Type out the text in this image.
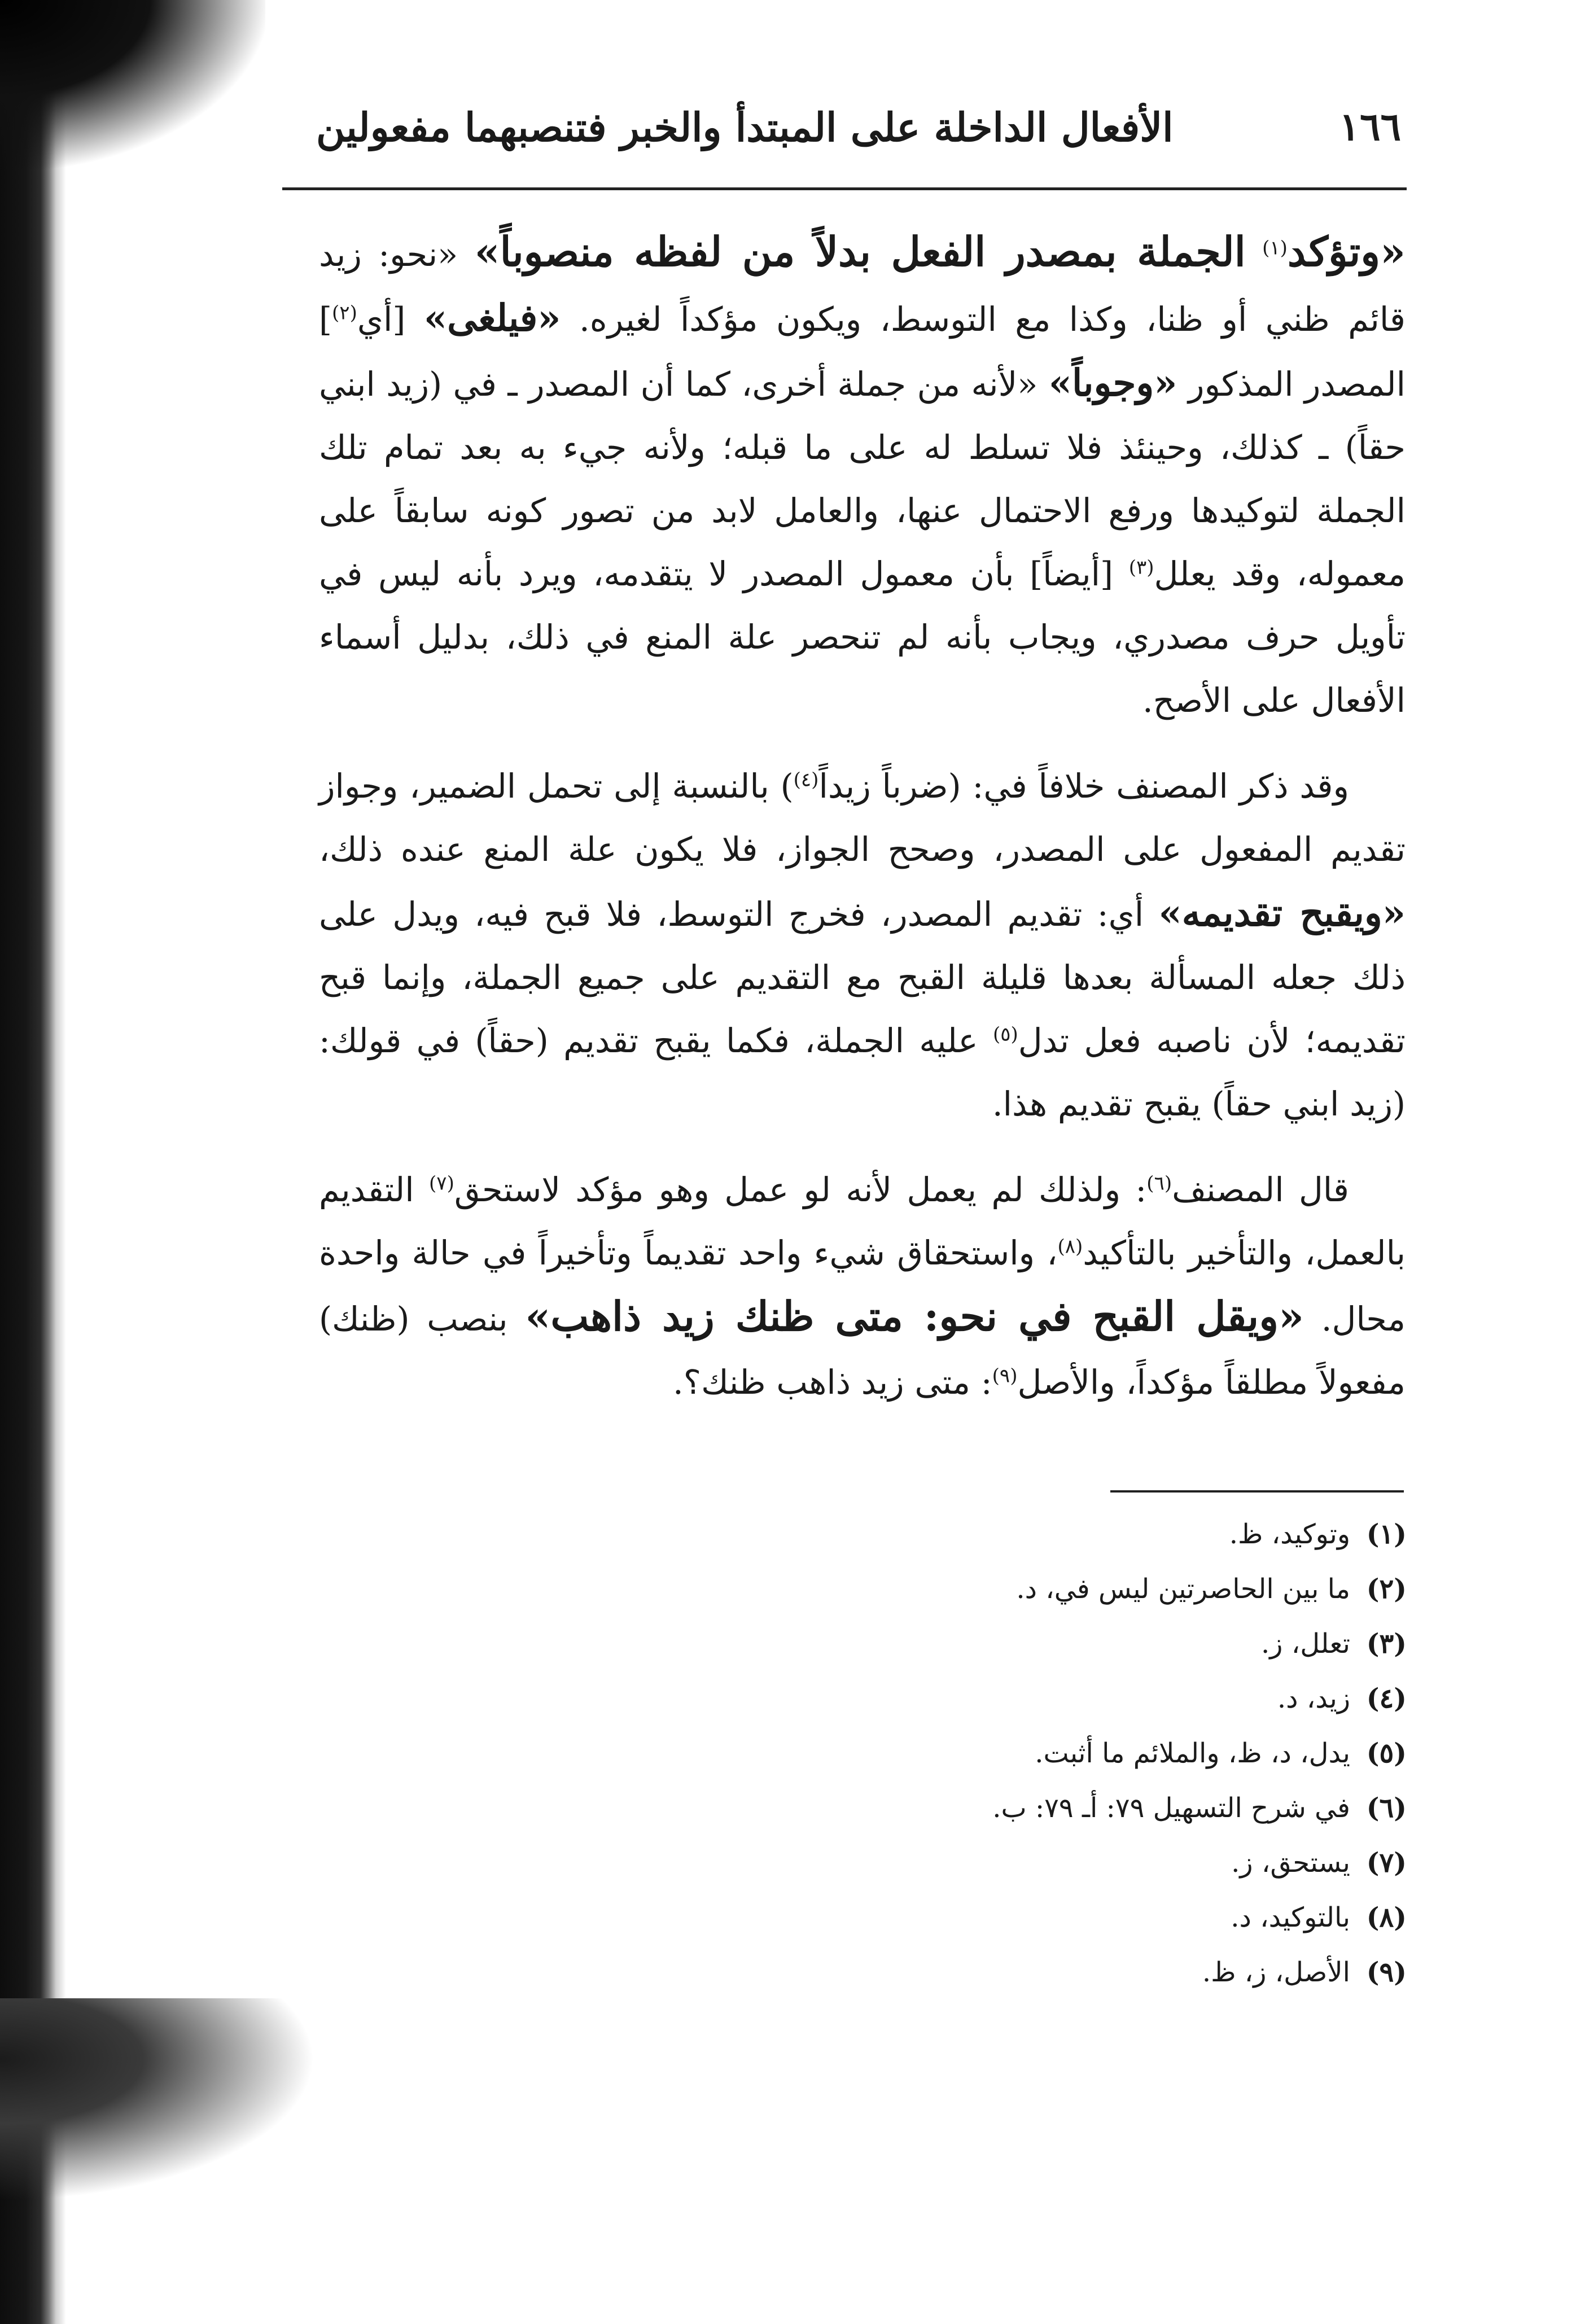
١٦٦
الأفعال الداخلة على المبتدأ والخبر فتنصبهما مفعولين

«وتؤكد$^{(١)}$ الجملة بمصدر الفعل بدلاً من لفظه منصوباً» «نحو: زيد قائم ظني أو ظنا، وكذا مع التوسط، ويكون مؤكداً لغيره. «فيلغى» [أي$^{(٢)}$] المصدر المذكور «وجوباً» «لأنه من جملة أخرى، كما أن المصدر ـ في (زيد ابني حقاً) ـ كذلك، وحينئذ فلا تسلط له على ما قبله؛ ولأنه جيء به بعد تمام تلك الجملة لتوكيدها ورفع الاحتمال عنها، والعامل لابد من تصور كونه سابقاً على معموله، وقد يعلل$^{(٣)}$ [أيضاً] بأن معمول المصدر لا يتقدمه، ويرد بأنه ليس في تأويل حرف مصدري، ويجاب بأنه لم تنحصر علة المنع في ذلك، بدليل أسماء الأفعال على الأصح.

وقد ذكر المصنف خلافاً في: (ضرباً زيداً$^{(٤)}$) بالنسبة إلى تحمل الضمير، وجواز تقديم المفعول على المصدر، وصحح الجواز، فلا يكون علة المنع عنده ذلك، «ويقبح تقديمه» أي: تقديم المصدر، فخرج التوسط، فلا قبح فيه، ويدل على ذلك جعله المسألة بعدها قليلة القبح مع التقديم على جميع الجملة، وإنما قبح تقديمه؛ لأن ناصبه فعل تدل$^{(٥)}$ عليه الجملة، فكما يقبح تقديم (حقاً) في قولك: (زيد ابني حقاً) يقبح تقديم هذا.

قال المصنف$^{(٦)}$: ولذلك لم يعمل لأنه لو عمل وهو مؤكد لاستحق$^{(٧)}$ التقديم بالعمل، والتأخير بالتأكيد$^{(٨)}$، واستحقاق شيء واحد تقديماً وتأخيراً في حالة واحدة محال. «ويقل القبح في نحو: متى ظنك زيد ذاهب» بنصب (ظنك) مفعولاً مطلقاً مؤكداً، والأصل$^{(٩)}$: متى زيد ذاهب ظنك؟.

(١)
وتوكيد، ظ.
(٢)
ما بين الحاصرتين ليس في، د.
(٣)
تعلل، ز.
(٤)
زيد، د.
(٥)
يدل، د، ظ، والملائم ما أثبت.
(٦)
في شرح التسهيل ٧٩: أـ ٧٩: ب.
(٧)
يستحق، ز.
(٨)
بالتوكيد، د.
(٩)
الأصل، ز، ظ.
